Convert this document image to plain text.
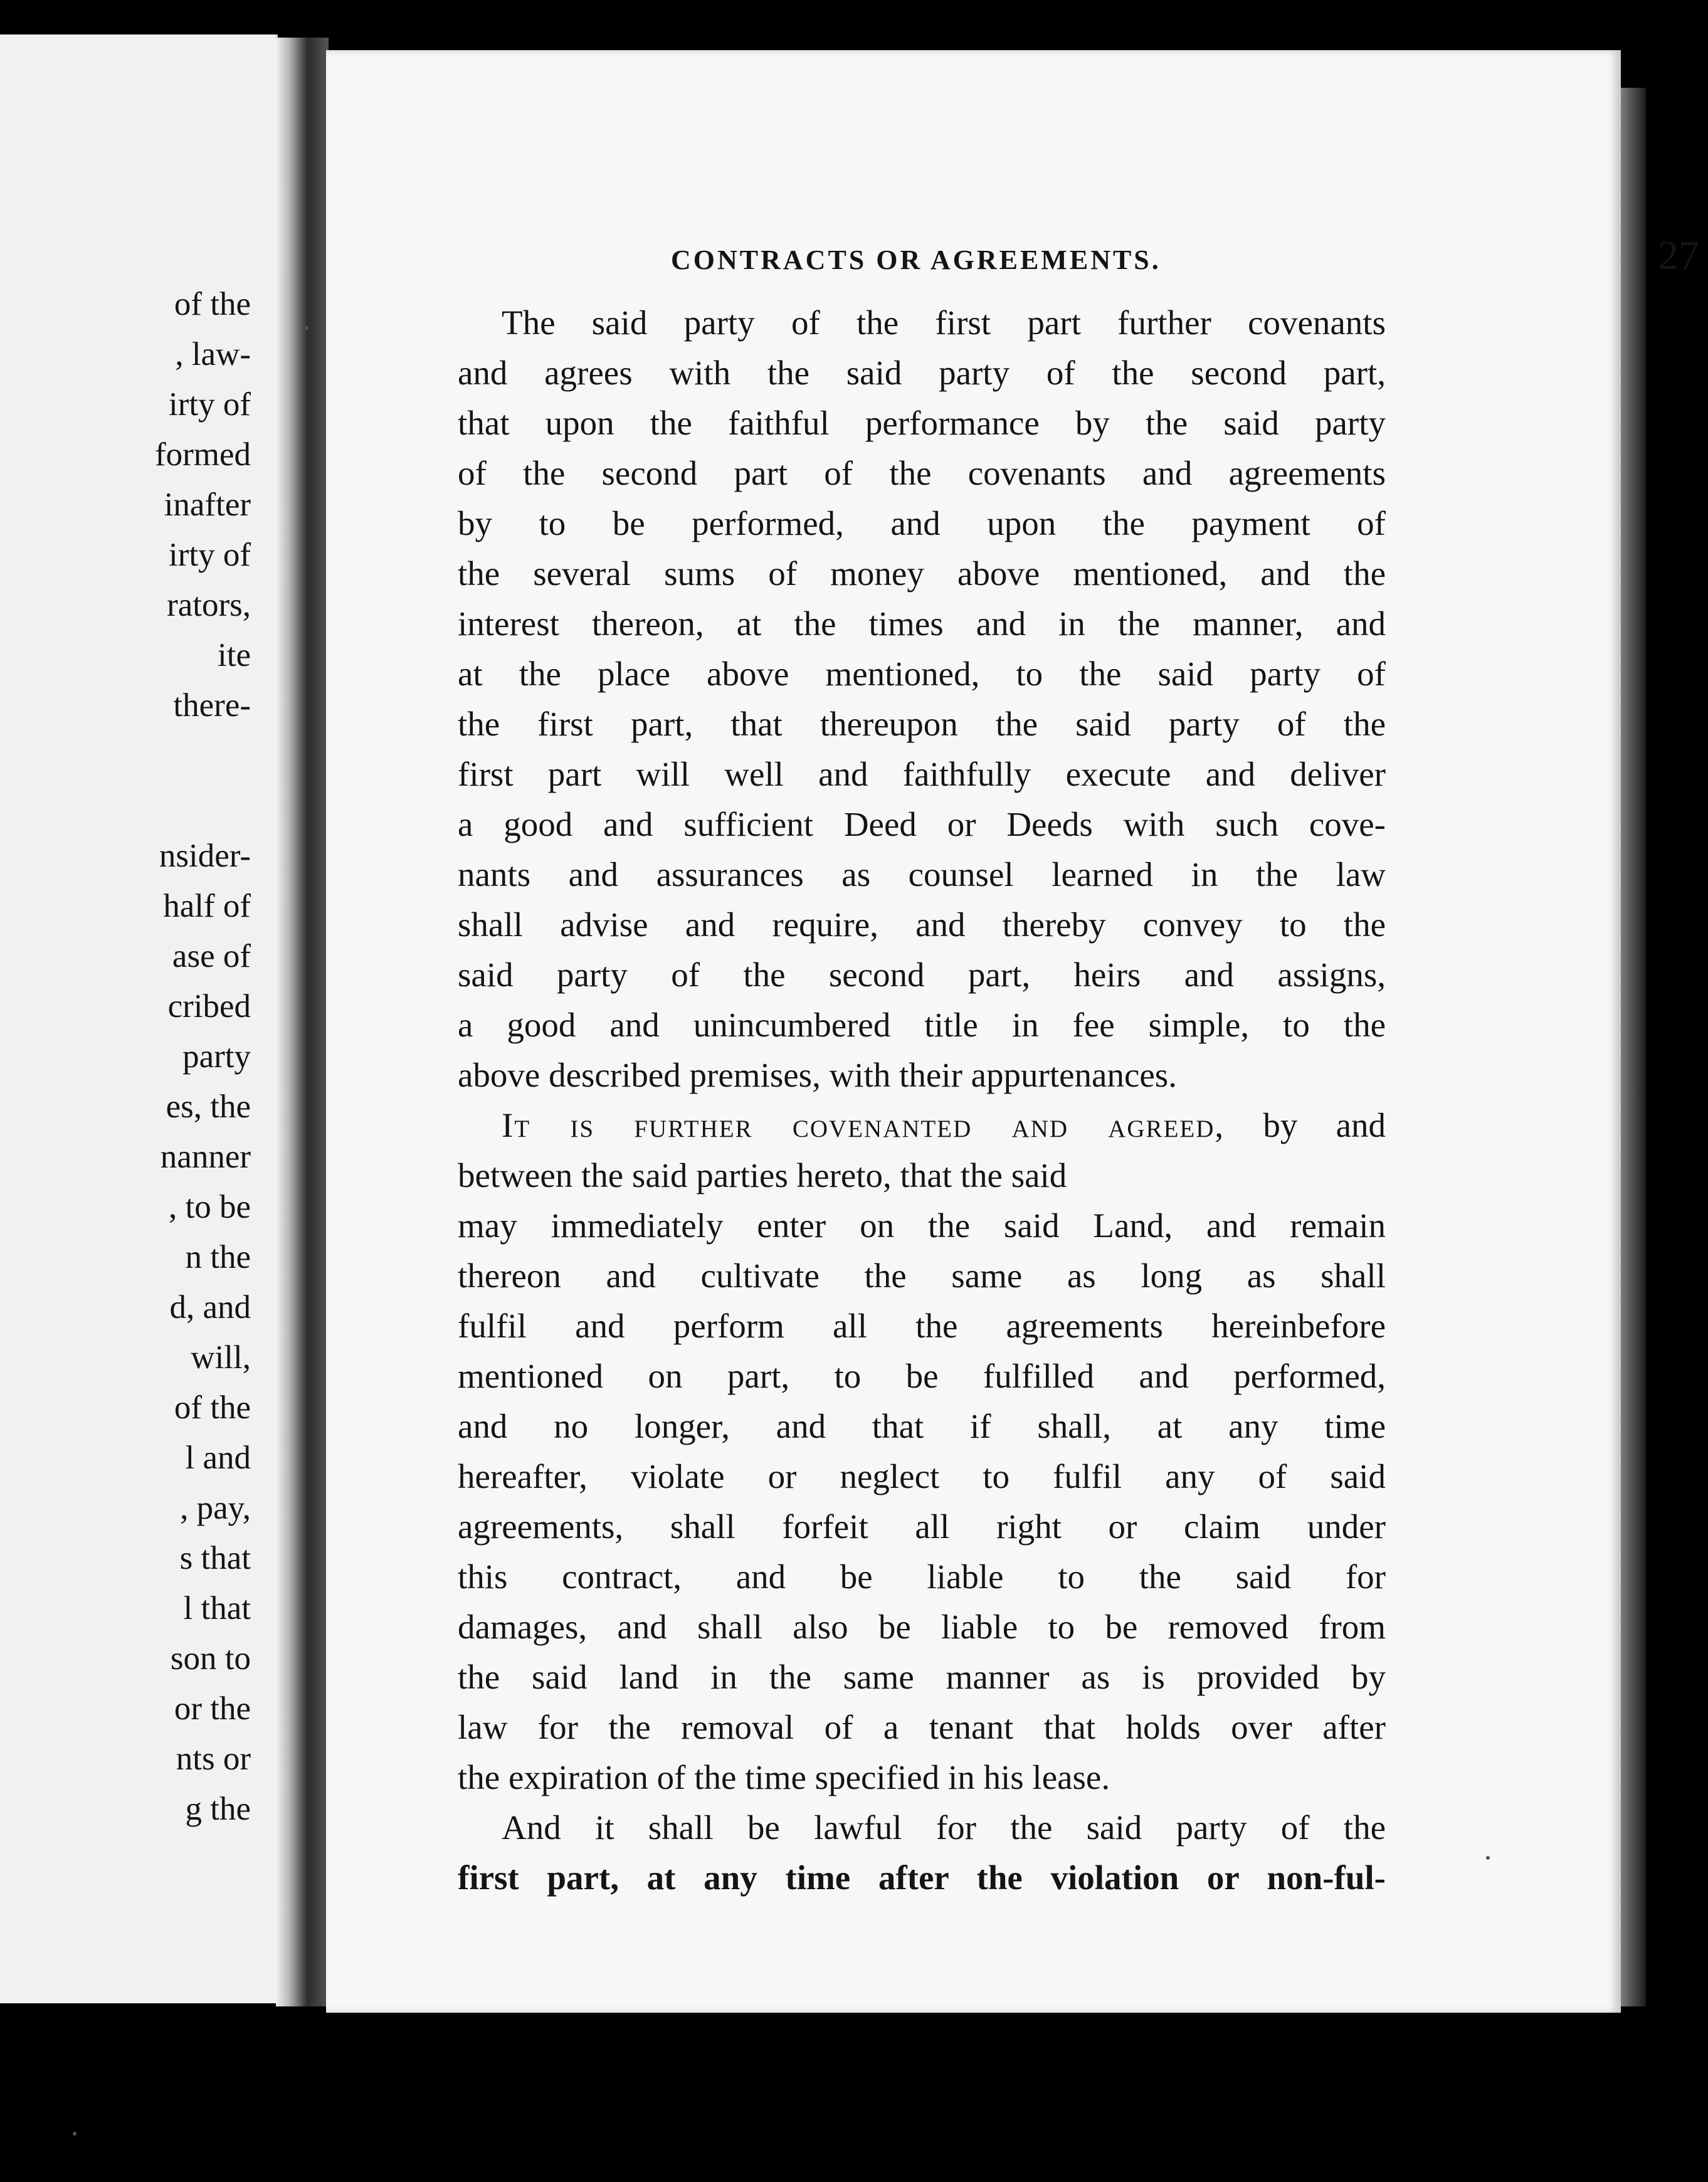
of the
, law-
irty of
formed
inafter
irty of
rators,
ite
there-
nsider-
half of
ase of
cribed
party
es, the
nanner
, to be
n the
d, and
will,
of the
l and
, pay,
s that
l that
son to
or the
nts or
g the
CONTRACTS OR AGREEMENTS.	27
The said party of the first part further covenants
and agrees with the said party of the second part,
that upon the faithful performance by the said party
of the second part of the covenants and agreements
by to be performed, and upon the payment of
the several sums of money above mentioned, and the
interest thereon, at the times and in the manner, and
at the place above mentioned, to the said party of
the first part, that thereupon the said party of the
first part will well and faithfully execute and deliver
a good and sufficient Deed or Deeds with such cove-
nants and assurances as counsel learned in the law
shall advise and require, and thereby convey to the
said party of the second part, heirs and assigns,
a good and unincumbered title in fee simple, to the
above described premises, with their appurtenances.
It is further covenanted and agreed, by and
between the said parties hereto, that the said
may immediately enter on the said Land, and remain
thereon and cultivate the same as long as shall
fulfil and perform all the agreements hereinbefore
mentioned on part, to be fulfilled and performed,
and no longer, and that if shall, at any time
hereafter, violate or neglect to fulfil any of said
agreements, shall forfeit all right or claim under
this contract, and be liable to the said for
damages, and shall also be liable to be removed from
the said land in the same manner as is provided by
law for the removal of a tenant that holds over after
the expiration of the time specified in his lease.
And it shall be lawful for the said party of the
first part, at any time after the violation or non-ful-
